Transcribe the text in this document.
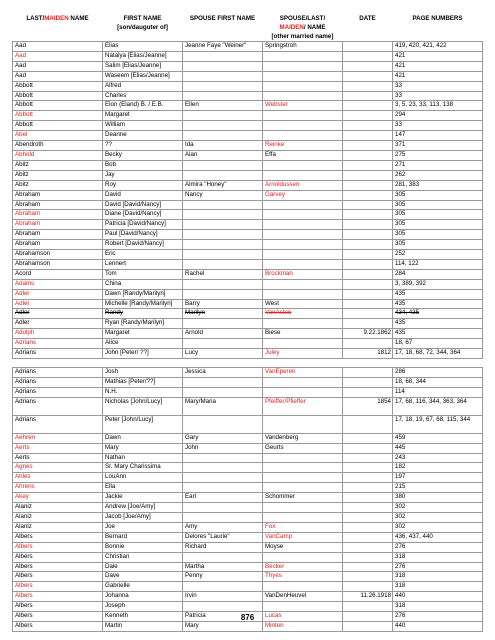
LAST/MAIDEN NAME	FIRST NAME
[son/dauguter of]	SPOUSE FIRST NAME	SPOUSE/LAST/
MAIDEN/ NAME
[other married name]	DATE	PAGE NUMBERS
Aad	Elias	Jeanne Faye "Weiner"	Springstroh		419, 420, 421, 422
Aad	Natalya [Elias/Jeanne]				421
Aad	Salim [Elias/Jeanne]				421
Aad	Waseem [Elias/Jeanne]				421
Abbott	Alfred				33
Abbott	Charles				33
Abbott	Elon (Eland) B. / E.B.	Ellen	Webster		3, 5, 23, 33, 113, 138
Abbott	Margaret				294
Abbott	William				33
Abel	Deanne				147
Abendroth	??	Ida	Reinke		371
Abhold	Becky	Alan	Effa		275
Abitz	Bob				271
Abitz	Jay				262
Abitz	Roy	Almira "Honey"	Arnoldussen		281, 383
Abraham	David	Nancy	Garvey		305
Abraham	David [David/Nancy]				305
Abraham	Diane [David/Nancy]				305
Abraham	Patricia [David/Nancy]				305
Abraham	Paul [David/Nancy]				305
Abraham	Robert [David/Nancy]				305
Abrahamson	Eric				252
Abrahamson	Lennert				114, 122
Acord	Tom	Rachel	Brockman		284
Adams	China				3, 389, 392
Adler	Dawn [Randy/Marilyn]				435
Adler	Michelle [Randy/Marilyn]	Barry	West		435
Adler	Randy	Marilyn	VanAsten		434, 435
Adler	Ryan [Randy/Marilyn]				435
Adolph	Margaret	Arnold	Biese	9.22.1862	435
Adrians	Alice				18, 67
Adrians	John [Peter/ ??]	Lucy	Juley	1812	17, 18, 68, 72, 344, 364

Adrians	Josh	Jessica	VanEperen		286
Adrians	Mathias [Peter/??]				18, 68, 344
Adrians	N.H.				114
Adrians	Nicholas [John/Lucy]	Mary/Maria	Pfeiffer/Pfieffer	1854	17, 68, 116, 344, 363, 364
Adrians	Peter [John/Lucy]				17, 18, 19, 67, 68, 115, 344
Aehren	Dawn	Gary	Vandenberg		459
Aerts	Mary	John	Geurts		445
Aerts	Nathan				243
Agnes	Sr. Mary Charissima				182
Ahles	LouAnn				197
Ahrens	Ella				215
Akey	Jackie	Earl	Schommer		380
Alaniz	Andrew [Joe/Amy]				302
Alaniz	Jacob [Joe/Amy]				302
Alaniz	Joe	Amy	Fox		302
Albers	Bernard	Delores "Laurie"	VanCamp		436, 437, 440
Albers	Bonnie	Richard	Moyse		276
Albers	Christian				318
Albers	Dale	Martha	Becker		276
Albers	Dave	Penny	Thyes		318
Albers	Gabrielle				318
Albers	Johanna	Irvin	VanDenHeuvel	11.26.1918	440
Albers	Joseph				318
Albers	Kenneth	Patricia	Lucas		276
Albers	Martin	Mary	Minten		440
876
